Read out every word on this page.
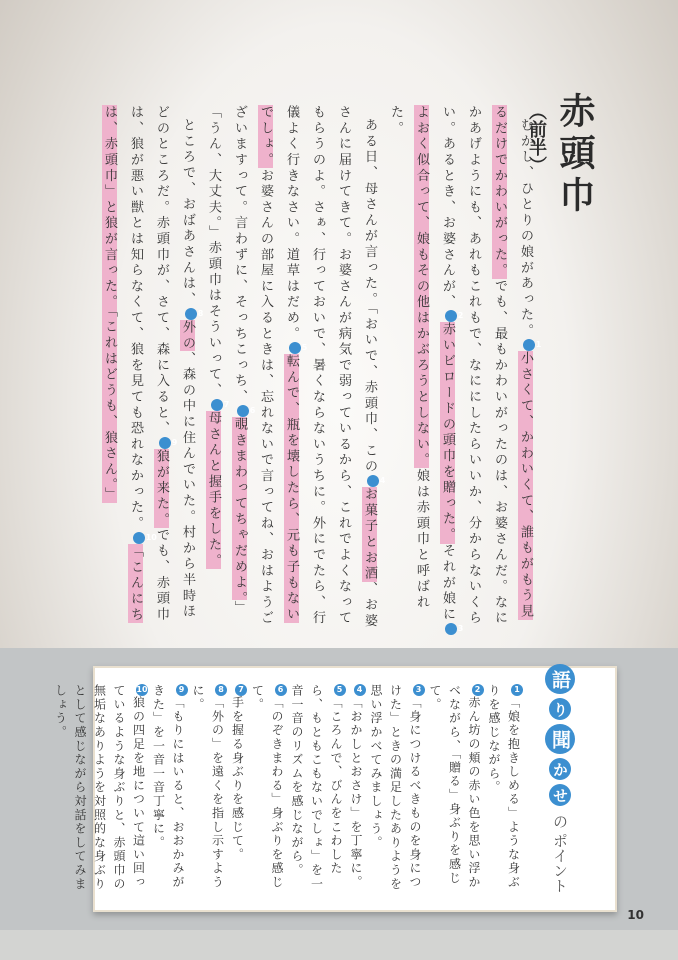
赤頭巾
（前半）

むかし、ひとりの娘があった。1小さくて、かわいくて、誰もがもう見るだけでかわいがった。でも、最もかわいがったのは、お婆さんだ。なにかあげようにも、あれもこれもで、なににしたらいいか、分からないくらい。あるとき、お婆さんが、2赤いビロードの頭巾を贈った。それが娘に3よおく似合って、娘もその他はかぶろうとしない。娘は赤頭巾と呼ばれた。

ある日、母さんが言った。「おいで、赤頭巾、この4お菓子とお酒、お婆さんに届けてきて。お婆さんが病気で弱っているから、これでよくなってもらうのよ。さぁ、行っておいで、暑くならないうちに。外にでたら、行儀よく行きなさい。道草はだめ。5転んで、瓶を壊したら、元も子もないでしょ。お婆さんの部屋に入るときは、忘れないで言ってね、おはようございますって。言わずに、そっちこっち、6覗きまわってちゃだめよ。」「うん、大丈夫。」赤頭巾はそういって、7母さんと握手をした。

ところで、おばあさんは、8外の、森の中に住んでいた。村から半時ほどのところだ。赤頭巾が、さて、森に入ると、9狼が来た。でも、赤頭巾は、狼が悪い獣とは知らなくて、狼を見ても恐れなかった。10「こんにちは、赤頭巾」と狼が言った。「これはどうも、狼さん。」

語り聞かせのポイント
1「娘を抱きしめる」ような身ぶりを感じながら。
2赤ん坊の頬の赤い色を思い浮かべながら、「贈る」身ぶりを感じて。
3「身につけるべきものを身につけた」ときの満足したありようを思い浮かべてみましょう。
4「おかしとおさけ」を丁寧に。
5「ころんで、びんをこわしたら、もともこもないでしょ」を一音一音のリズムを感じながら。
6「のぞきまわる」身ぶりを感じて。
7手を握る身ぶりを感じて。
8「外の」を遠くを指し示すように。
9「もりにはいると、おおかみがきた」を一音一音丁寧に。
10狼の四足を地について這い回っているような身ぶりと、赤頭巾の無垢なありようを対照的な身ぶりとして感じながら対話をしてみましょう。
10
